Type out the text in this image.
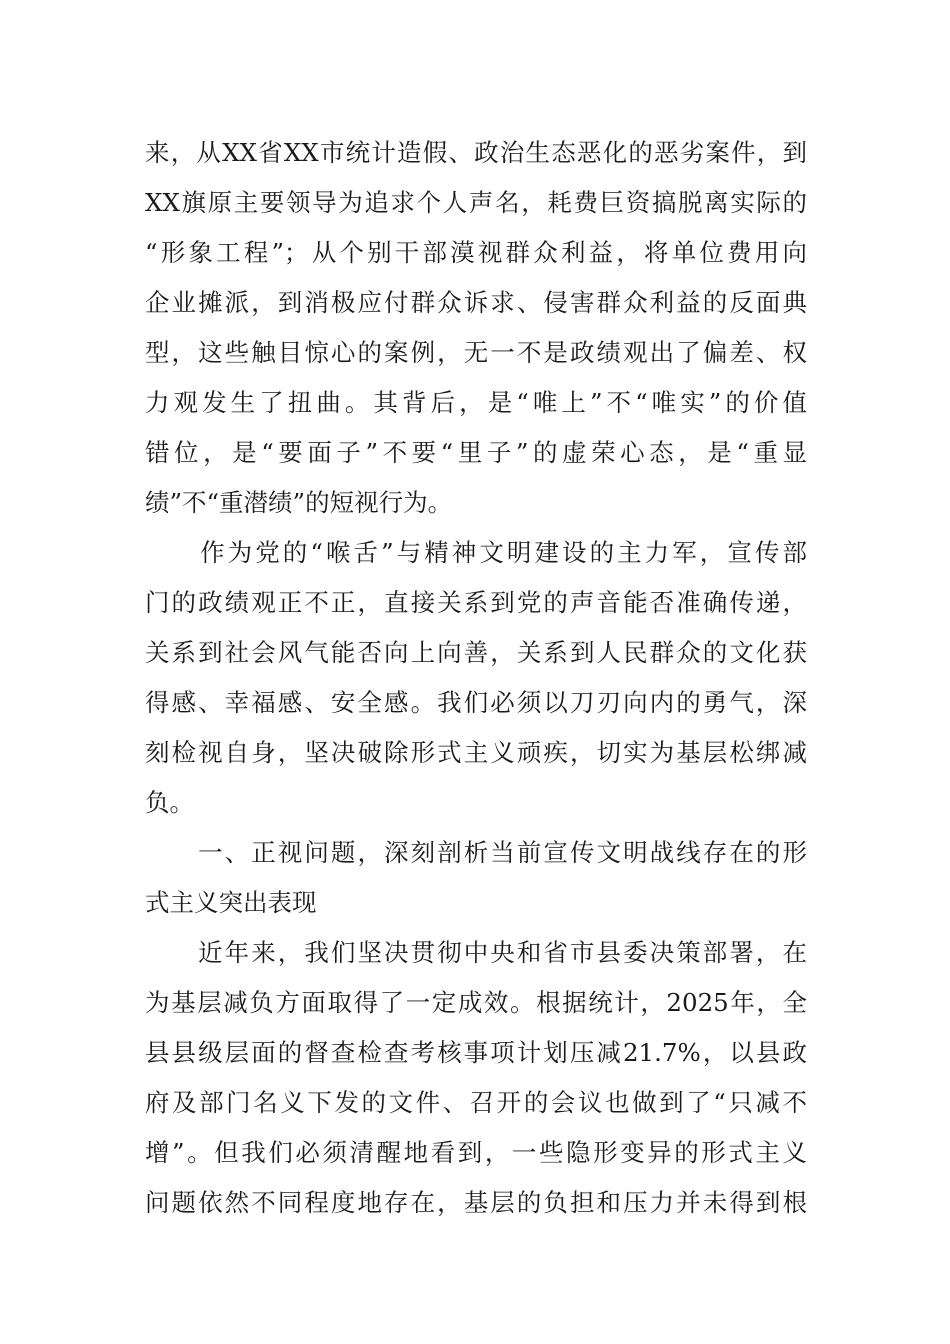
来，从XX省XX市统计造假、政治生态恶化的恶劣案件，到
XX旗原主要领导为追求个人声名，耗费巨资搞脱离实际的
“形象工程”；从个别干部漠视群众利益，将单位费用向
企业摊派，到消极应付群众诉求、侵害群众利益的反面典
型，这些触目惊心的案例，无一不是政绩观出了偏差、权
力观发生了扭曲。其背后，是“唯上”不“唯实”的价值
错位，是“要面子”不要“里子”的虚荣心态，是“重显
绩”不“重潜绩”的短视行为。
　　作为党的“喉舌”与精神文明建设的主力军，宣传部
门的政绩观正不正，直接关系到党的声音能否准确传递，
关系到社会风气能否向上向善，关系到人民群众的文化获
得感、幸福感、安全感。我们必须以刀刃向内的勇气，深
刻检视自身，坚决破除形式主义顽疾，切实为基层松绑减
负。
　　一、正视问题，深刻剖析当前宣传文明战线存在的形
式主义突出表现
　　近年来，我们坚决贯彻中央和省市县委决策部署，在
为基层减负方面取得了一定成效。根据统计，2025年，全
县县级层面的督查检查考核事项计划压减21.7%，以县政
府及部门名义下发的文件、召开的会议也做到了“只减不
增”。但我们必须清醒地看到，一些隐形变异的形式主义
问题依然不同程度地存在，基层的负担和压力并未得到根
